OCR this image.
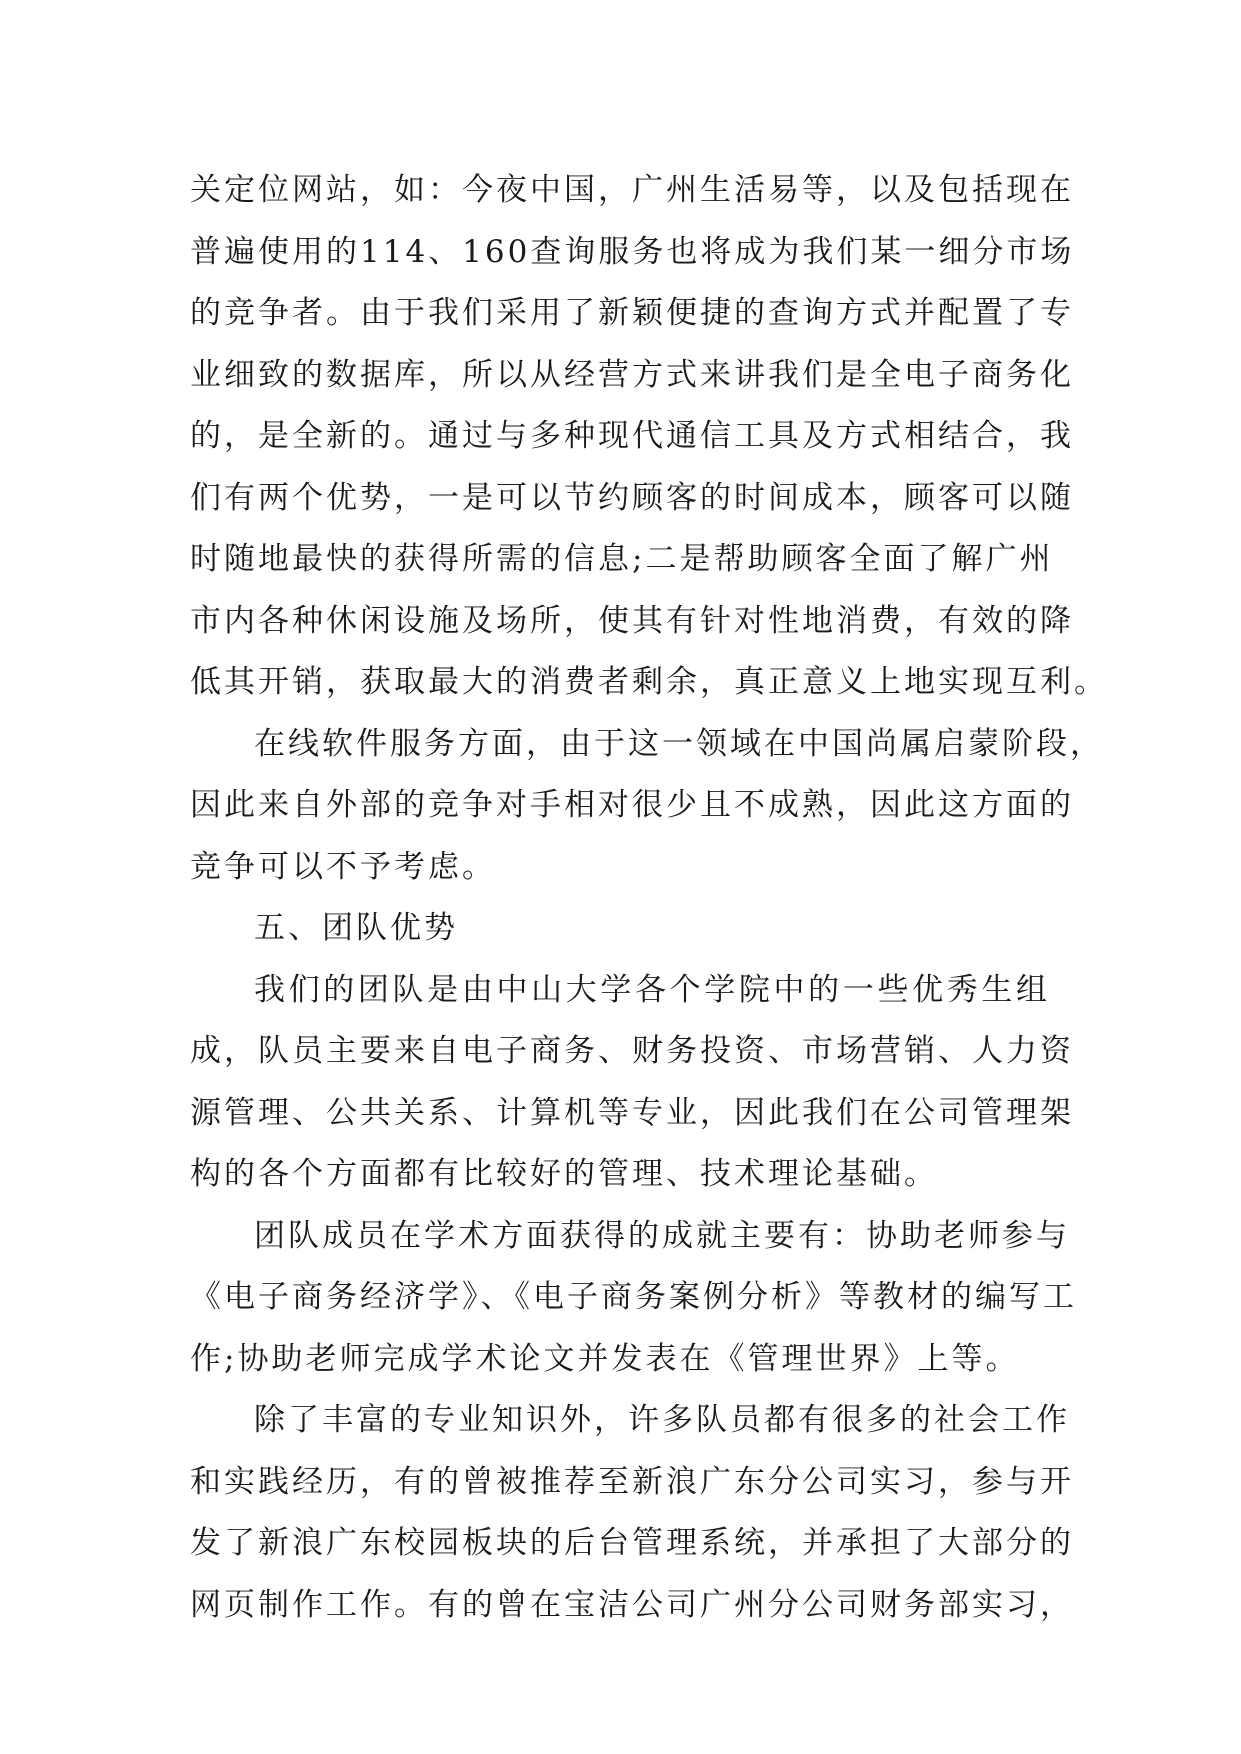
关定位网站，如：今夜中国，广州生活易等，以及包括现在
普遍使用的114、160查询服务也将成为我们某一细分市场
的竞争者。由于我们采用了新颖便捷的查询方式并配置了专
业细致的数据库，所以从经营方式来讲我们是全电子商务化
的，是全新的。通过与多种现代通信工具及方式相结合，我
们有两个优势，一是可以节约顾客的时间成本，顾客可以随
时随地最快的获得所需的信息;二是帮助顾客全面了解广州
市内各种休闲设施及场所，使其有针对性地消费，有效的降
低其开销，获取最大的消费者剩余，真正意义上地实现互利。
在线软件服务方面，由于这一领域在中国尚属启蒙阶段，
因此来自外部的竞争对手相对很少且不成熟，因此这方面的
竞争可以不予考虑。
五、团队优势
我们的团队是由中山大学各个学院中的一些优秀生组
成，队员主要来自电子商务、财务投资、市场营销、人力资
源管理、公共关系、计算机等专业，因此我们在公司管理架
构的各个方面都有比较好的管理、技术理论基础。
团队成员在学术方面获得的成就主要有：协助老师参与
《电子商务经济学》、《电子商务案例分析》等教材的编写工
作;协助老师完成学术论文并发表在《管理世界》上等。
除了丰富的专业知识外，许多队员都有很多的社会工作
和实践经历，有的曾被推荐至新浪广东分公司实习，参与开
发了新浪广东校园板块的后台管理系统，并承担了大部分的
网页制作工作。有的曾在宝洁公司广州分公司财务部实习，
